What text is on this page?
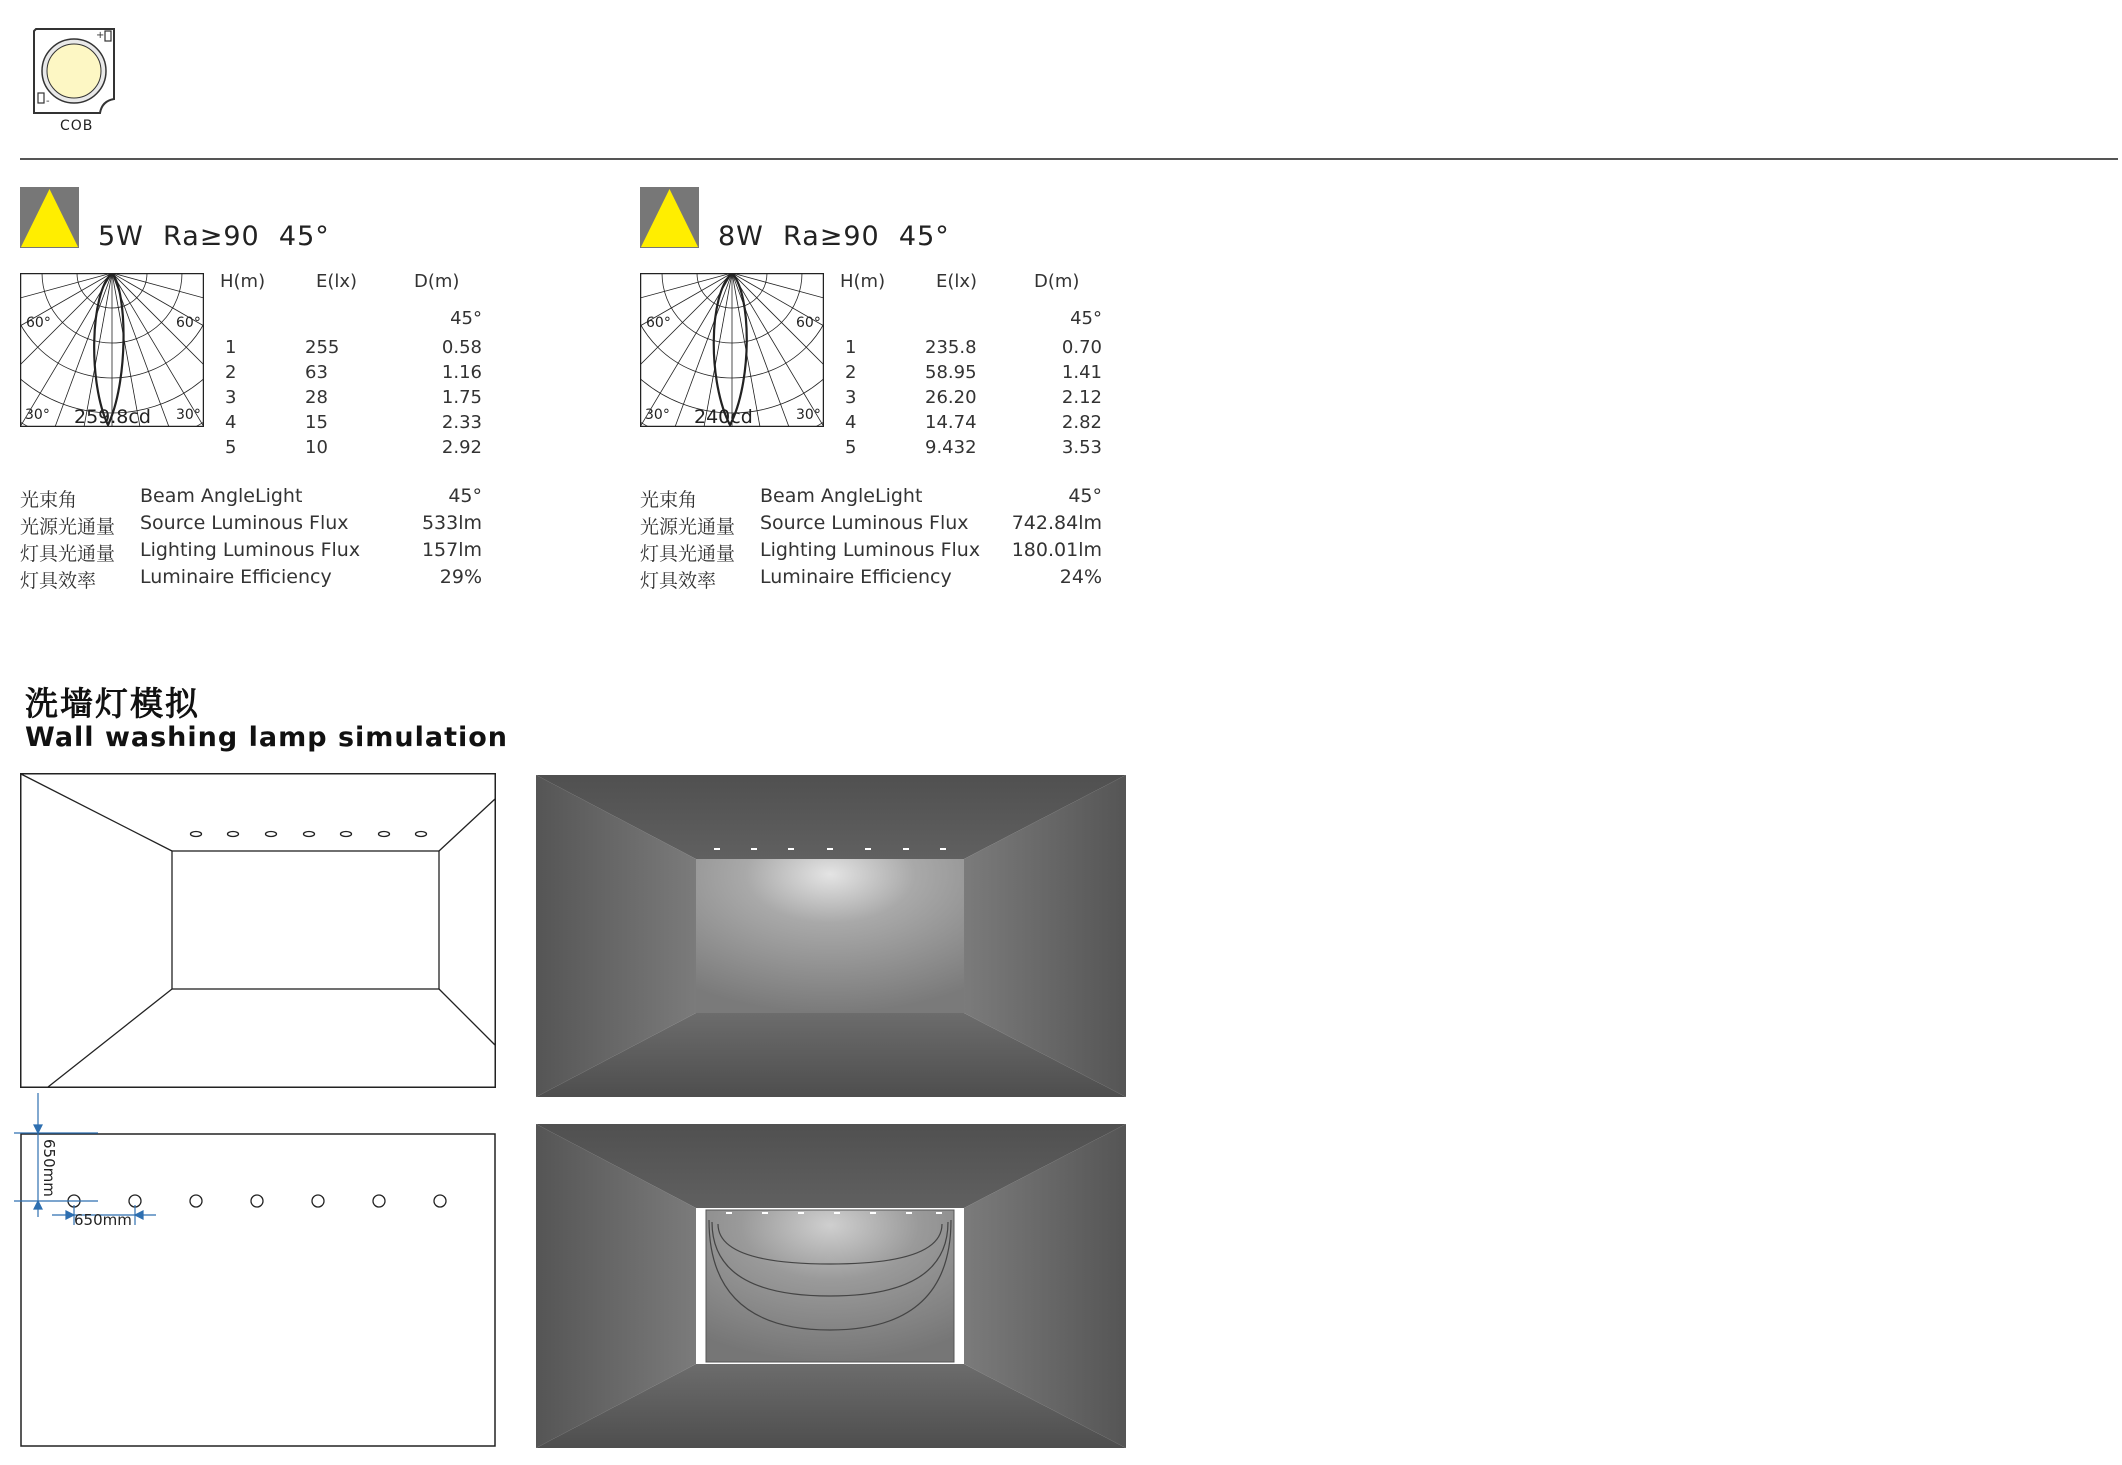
+
-
COB
5W  Ra≥90  45°
60°	60°
30°	30°
259.8cd
H(m)	E(lx)	D(m)
45°
1	255	0.58
2	63	1.16
3	28	1.75
4	15	2.33
5	10	2.92
光束角	Beam AngleLight	45°
光源光通量 Source Luminous Flux	533lm
灯具光通量 Lighting Luminous Flux	157lm
灯具效率 Luminaire Efficiency	29%
8W  Ra≥90  45°
60°	60°
30°	30°
240cd
H(m)	E(lx)	D(m)
45°
1	235.8	0.70
2	58.95	1.41
3	26.20	2.12
4	14.74	2.82
5	9.432	3.53
光束角	Beam AngleLight	45°
光源光通量 Source Luminous Flux	742.84lm
灯具光通量 Lighting Luminous Flux	180.01lm
灯具效率 Luminaire Efficiency	24%
洗墙灯模拟
Wall washing lamp simulation
650mm
650mm
